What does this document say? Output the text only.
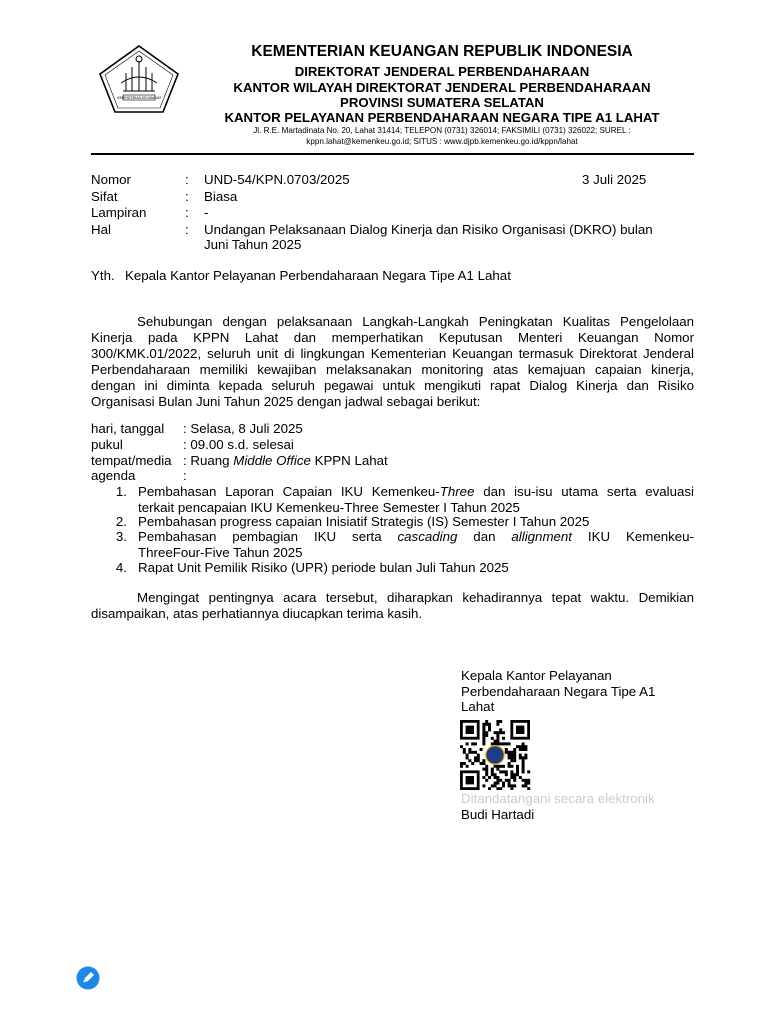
KEMENTERIAN KEUANGAN
KEMENTERIAN KEUANGAN REPUBLIK INDONESIA
DIREKTORAT JENDERAL PERBENDAHARAAN
KANTOR WILAYAH DIREKTORAT JENDERAL PERBENDAHARAAN
PROVINSI SUMATERA SELATAN
KANTOR PELAYANAN PERBENDAHARAAN NEGARA TIPE A1 LAHAT
Jl. R.E. Martadinata No. 20, Lahat 31414; TELEPON (0731) 326014; FAKSIMILI (0731) 326022; SUREL :
kppn.lahat@kemenkeu.go.id; SITUS : www.djpb.kemenkeu.go.id/kppn/lahat
Nomor	: UND-54/KPN.0703/2025	3 Juli 2025
Sifat	: Biasa
Lampiran	: -
Hal	: Undangan Pelaksanaan Dialog Kinerja dan Risiko Organisasi (DKRO) bulan
Juni Tahun 2025
Yth. Kepala Kantor Pelayanan Perbendaharaan Negara Tipe A1 Lahat
Sehubungan dengan pelaksanaan Langkah-Langkah Peningkatan Kualitas Pengelolaan Kinerja pada KPPN Lahat dan memperhatikan Keputusan Menteri Keuangan Nomor 300/KMK.01/2022, seluruh unit di lingkungan Kementerian Keuangan termasuk Direktorat Jenderal Perbendaharaan memiliki kewajiban melaksanakan monitoring atas kemajuan capaian kinerja, dengan ini diminta kepada seluruh pegawai untuk mengikuti rapat Dialog Kinerja dan Risiko Organisasi Bulan Juni Tahun 2025 dengan jadwal sebagai berikut:
hari, tanggal : Selasa, 8 Juli 2025
pukul	: 09.00 s.d. selesai
tempat/media : Ruang Middle Office KPPN Lahat
agenda	:
1. Pembahasan Laporan Capaian IKU Kemenkeu-Three dan isu-isu utama serta evaluasi
terkait pencapaian IKU Kemenkeu-Three Semester I Tahun 2025
2. Pembahasan progress capaian Inisiatif Strategis (IS) Semester I Tahun 2025
3. Pembahasan pembagian IKU serta cascading dan allignment IKU Kemenkeu-
ThreeFour-Five Tahun 2025
4. Rapat Unit Pemilik Risiko (UPR) periode bulan Juli Tahun 2025
Mengingat pentingnya acara tersebut, diharapkan kehadirannya tepat waktu. Demikian disampaikan, atas perhatiannya diucapkan terima kasih.
Kepala Kantor Pelayanan
Perbendaharaan Negara Tipe A1
Lahat
Ditandatangani secara elektronik
Budi Hartadi
